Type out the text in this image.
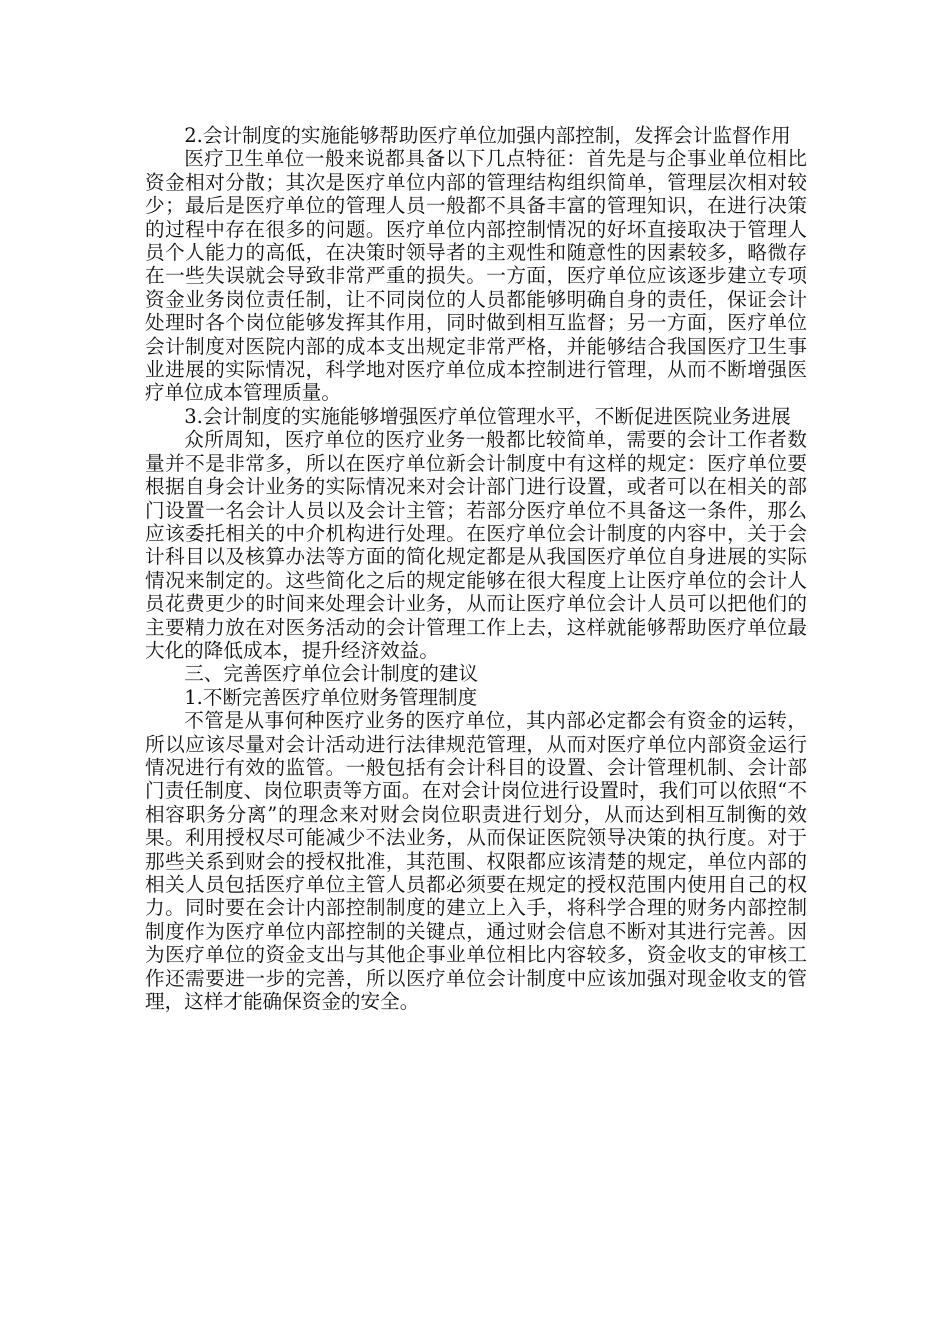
2.会计制度的实施能够帮助医疗单位加强内部控制，发挥会计监督作用

医疗卫生单位一般来说都具备以下几点特征：首先是与企事业单位相比资金相对分散；其次是医疗单位内部的管理结构组织简单，管理层次相对较少；最后是医疗单位的管理人员一般都不具备丰富的管理知识，在进行决策的过程中存在很多的问题。医疗单位内部控制情况的好坏直接取决于管理人员个人能力的高低，在决策时领导者的主观性和随意性的因素较多，略微存在一些失误就会导致非常严重的损失。一方面，医疗单位应该逐步建立专项资金业务岗位责任制，让不同岗位的人员都能够明确自身的责任，保证会计处理时各个岗位能够发挥其作用，同时做到相互监督；另一方面，医疗单位会计制度对医院内部的成本支出规定非常严格，并能够结合我国医疗卫生事业进展的实际情况，科学地对医疗单位成本控制进行管理，从而不断增强医疗单位成本管理质量。

3.会计制度的实施能够增强医疗单位管理水平，不断促进医院业务进展

众所周知，医疗单位的医疗业务一般都比较简单，需要的会计工作者数量并不是非常多，所以在医疗单位新会计制度中有这样的规定：医疗单位要根据自身会计业务的实际情况来对会计部门进行设置，或者可以在相关的部门设置一名会计人员以及会计主管；若部分医疗单位不具备这一条件，那么应该委托相关的中介机构进行处理。在医疗单位会计制度的内容中，关于会计科目以及核算办法等方面的简化规定都是从我国医疗单位自身进展的实际情况来制定的。这些简化之后的规定能够在很大程度上让医疗单位的会计人员花费更少的时间来处理会计业务，从而让医疗单位会计人员可以把他们的主要精力放在对医务活动的会计管理工作上去，这样就能够帮助医疗单位最大化的降低成本，提升经济效益。

三、完善医疗单位会计制度的建议

1.不断完善医疗单位财务管理制度

不管是从事何种医疗业务的医疗单位，其内部必定都会有资金的运转，所以应该尽量对会计活动进行法律规范管理，从而对医疗单位内部资金运行情况进行有效的监管。一般包括有会计科目的设置、会计管理机制、会计部门责任制度、岗位职责等方面。在对会计岗位进行设置时，我们可以依照“不相容职务分离”的理念来对财会岗位职责进行划分，从而达到相互制衡的效果。利用授权尽可能减少不法业务，从而保证医院领导决策的执行度。对于那些关系到财会的授权批准，其范围、权限都应该清楚的规定，单位内部的相关人员包括医疗单位主管人员都必须要在规定的授权范围内使用自己的权力。同时要在会计内部控制制度的建立上入手，将科学合理的财务内部控制制度作为医疗单位内部控制的关键点，通过财会信息不断对其进行完善。因为医疗单位的资金支出与其他企事业单位相比内容较多，资金收支的审核工作还需要进一步的完善，所以医疗单位会计制度中应该加强对现金收支的管理，这样才能确保资金的安全。
